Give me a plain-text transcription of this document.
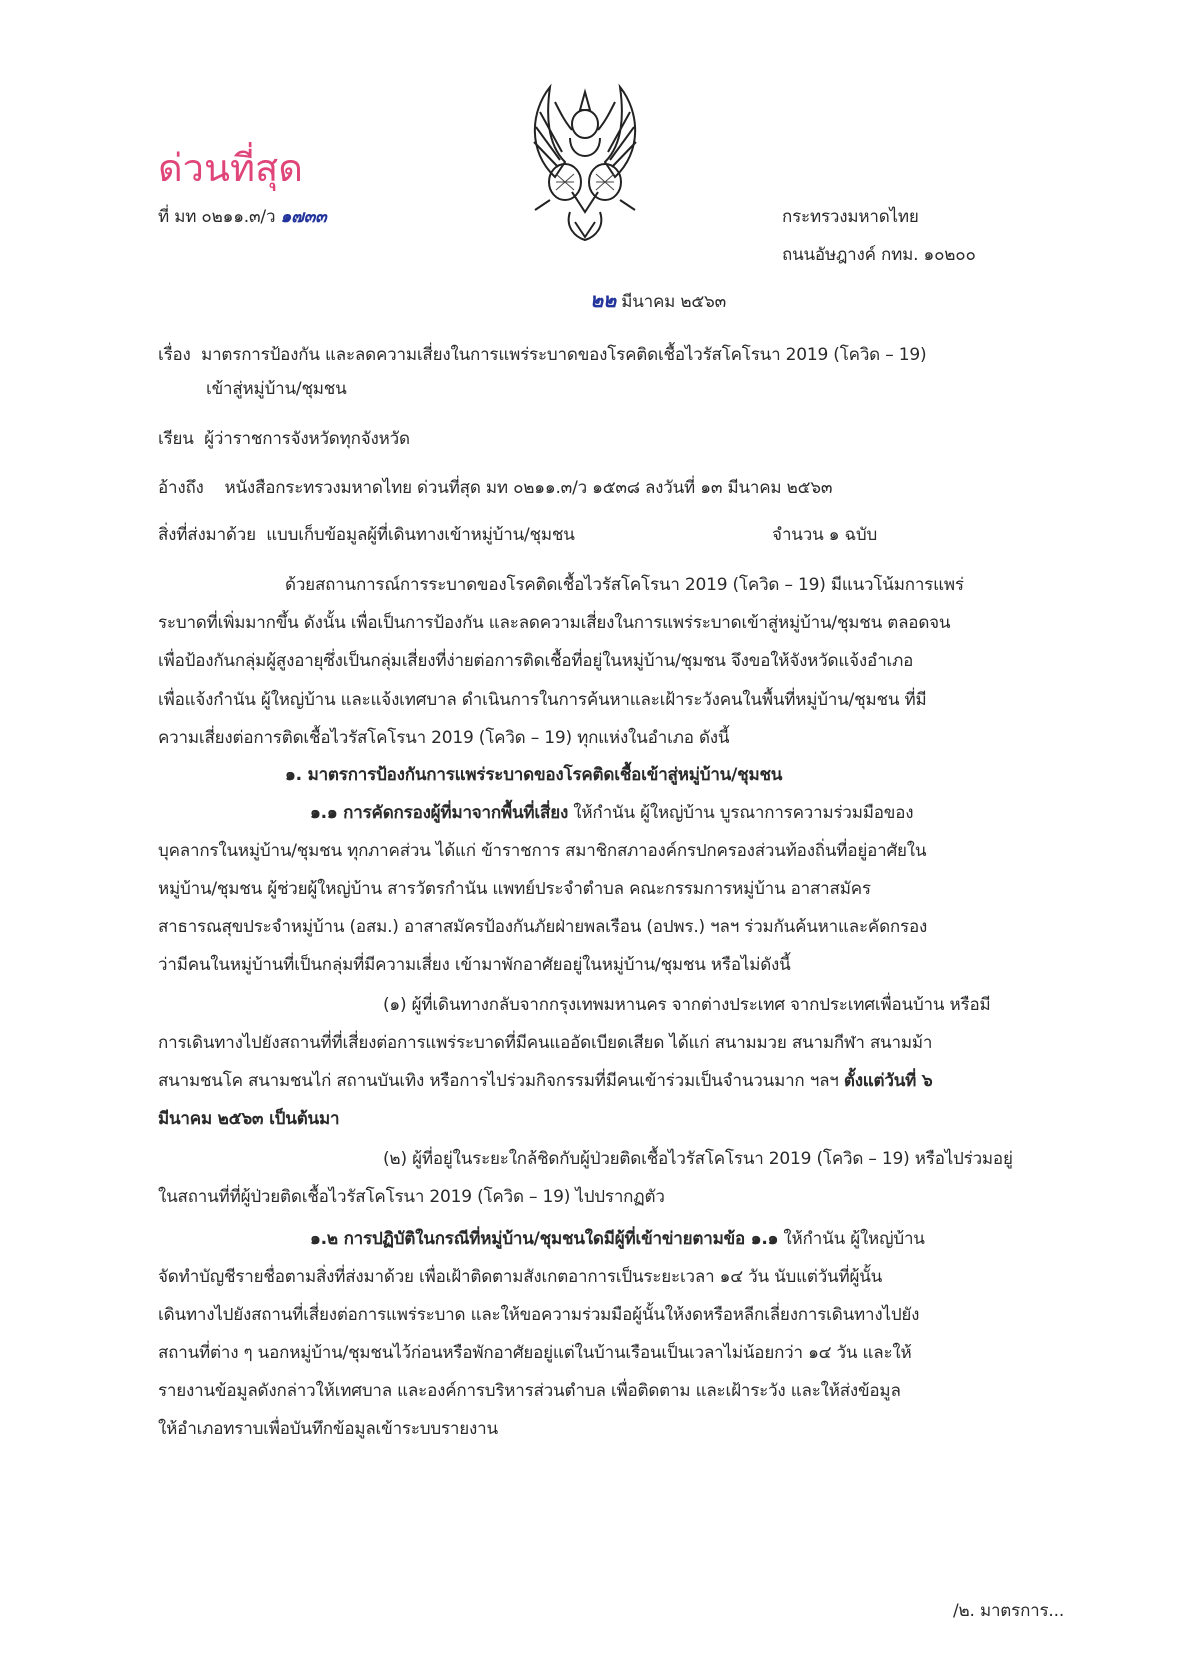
ด่วนที่สุด
ที่ มท ๐๒๑๑.๓/ว ๑๗๓๓	กระทรวงมหาดไทย
ถนนอัษฎางค์ กทม. ๑๐๒๐๐
๒๒ มีนาคม ๒๕๖๓
เรื่อง มาตรการป้องกัน และลดความเสี่ยงในการแพร่ระบาดของโรคติดเชื้อไวรัสโคโรนา 2019 (โควิด – 19)
เข้าสู่หมู่บ้าน/ชุมชน
เรียน ผู้ว่าราชการจังหวัดทุกจังหวัด
อ้างถึง หนังสือกระทรวงมหาดไทย ด่วนที่สุด มท ๐๒๑๑.๓/ว ๑๕๓๘ ลงวันที่ ๑๓ มีนาคม ๒๕๖๓
สิ่งที่ส่งมาด้วย แบบเก็บข้อมูลผู้ที่เดินทางเข้าหมู่บ้าน/ชุมชน	จำนวน ๑ ฉบับ
ด้วยสถานการณ์การระบาดของโรคติดเชื้อไวรัสโคโรนา 2019 (โควิด – 19) มีแนวโน้มการแพร่
ระบาดที่เพิ่มมากขึ้น ดังนั้น เพื่อเป็นการป้องกัน และลดความเสี่ยงในการแพร่ระบาดเข้าสู่หมู่บ้าน/ชุมชน ตลอดจน
เพื่อป้องกันกลุ่มผู้สูงอายุซึ่งเป็นกลุ่มเสี่ยงที่ง่ายต่อการติดเชื้อที่อยู่ในหมู่บ้าน/ชุมชน จึงขอให้จังหวัดแจ้งอำเภอ
เพื่อแจ้งกำนัน ผู้ใหญ่บ้าน และแจ้งเทศบาล ดำเนินการในการค้นหาและเฝ้าระวังคนในพื้นที่หมู่บ้าน/ชุมชน ที่มี
ความเสี่ยงต่อการติดเชื้อไวรัสโคโรนา 2019 (โควิด – 19) ทุกแห่งในอำเภอ ดังนี้
๑. มาตรการป้องกันการแพร่ระบาดของโรคติดเชื้อเข้าสู่หมู่บ้าน/ชุมชน
๑.๑ การคัดกรองผู้ที่มาจากพื้นที่เสี่ยง ให้กำนัน ผู้ใหญ่บ้าน บูรณาการความร่วมมือของ
บุคลากรในหมู่บ้าน/ชุมชน ทุกภาคส่วน ได้แก่ ข้าราชการ สมาชิกสภาองค์กรปกครองส่วนท้องถิ่นที่อยู่อาศัยใน
หมู่บ้าน/ชุมชน ผู้ช่วยผู้ใหญ่บ้าน สารวัตรกำนัน แพทย์ประจำตำบล คณะกรรมการหมู่บ้าน อาสาสมัคร
สาธารณสุขประจำหมู่บ้าน (อสม.) อาสาสมัครป้องกันภัยฝ่ายพลเรือน (อปพร.) ฯลฯ ร่วมกันค้นหาและคัดกรอง
ว่ามีคนในหมู่บ้านที่เป็นกลุ่มที่มีความเสี่ยง เข้ามาพักอาศัยอยู่ในหมู่บ้าน/ชุมชน หรือไม่ดังนี้
(๑) ผู้ที่เดินทางกลับจากกรุงเทพมหานคร จากต่างประเทศ จากประเทศเพื่อนบ้าน หรือมี
การเดินทางไปยังสถานที่ที่เสี่ยงต่อการแพร่ระบาดที่มีคนแออัดเบียดเสียด ได้แก่ สนามมวย สนามกีฬา สนามม้า
สนามชนโค สนามชนไก่ สถานบันเทิง หรือการไปร่วมกิจกรรมที่มีคนเข้าร่วมเป็นจำนวนมาก ฯลฯ ตั้งแต่วันที่ ๖
มีนาคม ๒๕๖๓ เป็นต้นมา
(๒) ผู้ที่อยู่ในระยะใกล้ชิดกับผู้ป่วยติดเชื้อไวรัสโคโรนา 2019 (โควิด – 19) หรือไปร่วมอยู่
ในสถานที่ที่ผู้ป่วยติดเชื้อไวรัสโคโรนา 2019 (โควิด – 19) ไปปรากฏตัว
๑.๒ การปฏิบัติในกรณีที่หมู่บ้าน/ชุมชนใดมีผู้ที่เข้าข่ายตามข้อ ๑.๑ ให้กำนัน ผู้ใหญ่บ้าน
จัดทำบัญชีรายชื่อตามสิ่งที่ส่งมาด้วย เพื่อเฝ้าติดตามสังเกตอาการเป็นระยะเวลา ๑๔ วัน นับแต่วันที่ผู้นั้น
เดินทางไปยังสถานที่เสี่ยงต่อการแพร่ระบาด และให้ขอความร่วมมือผู้นั้นให้งดหรือหลีกเลี่ยงการเดินทางไปยัง
สถานที่ต่าง ๆ นอกหมู่บ้าน/ชุมชนไว้ก่อนหรือพักอาศัยอยู่แต่ในบ้านเรือนเป็นเวลาไม่น้อยกว่า ๑๔ วัน และให้
รายงานข้อมูลดังกล่าวให้เทศบาล และองค์การบริหารส่วนตำบล เพื่อติดตาม และเฝ้าระวัง และให้ส่งข้อมูล
ให้อำเภอทราบเพื่อบันทึกข้อมูลเข้าระบบรายงาน
/๒. มาตรการ...
